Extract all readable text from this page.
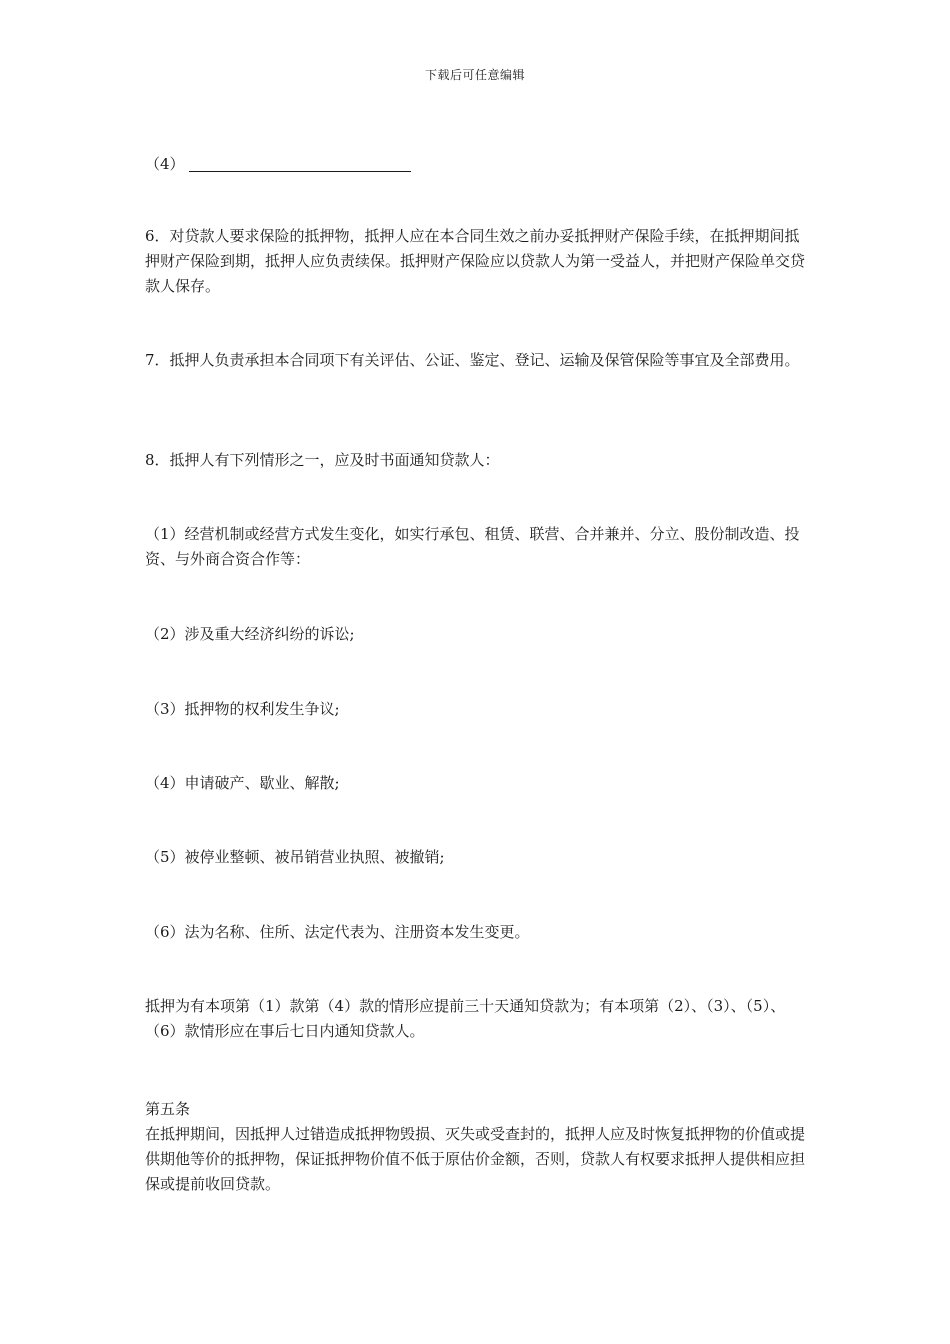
下载后可任意编辑
（4）

6．对贷款人要求保险的抵押物，抵押人应在本合同生效之前办妥抵押财产保险手续，在抵押期间抵押财产保险到期，抵押人应负责续保。抵押财产保险应以贷款人为第一受益人，并把财产保险单交贷款人保存。

7．抵押人负责承担本合同项下有关评估、公证、鉴定、登记、运输及保管保险等事宜及全部费用。

8．抵押人有下列情形之一，应及时书面通知贷款人：

（1）经营机制或经营方式发生变化，如实行承包、租赁、联营、合并兼并、分立、股份制改造、投资、与外商合资合作等：

（2）涉及重大经济纠纷的诉讼;

（3）抵押物的权利发生争议;

（4）申请破产、歇业、解散;

（5）被停业整顿、被吊销营业执照、被撤销;

（6）法为名称、住所、法定代表为、注册资本发生变更。

抵押为有本项第（1）款第（4）款的情形应提前三十天通知贷款为；有本项第（2）、（3）、（5）、（6）款情形应在事后七日内通知贷款人。

第五条

在抵押期间，因抵押人过错造成抵押物毁损、灭失或受查封的，抵押人应及时恢复抵押物的价值或提供期他等价的抵押物，保证抵押物价值不低于原估价金额，否则，贷款人有权要求抵押人提供相应担保或提前收回贷款。
